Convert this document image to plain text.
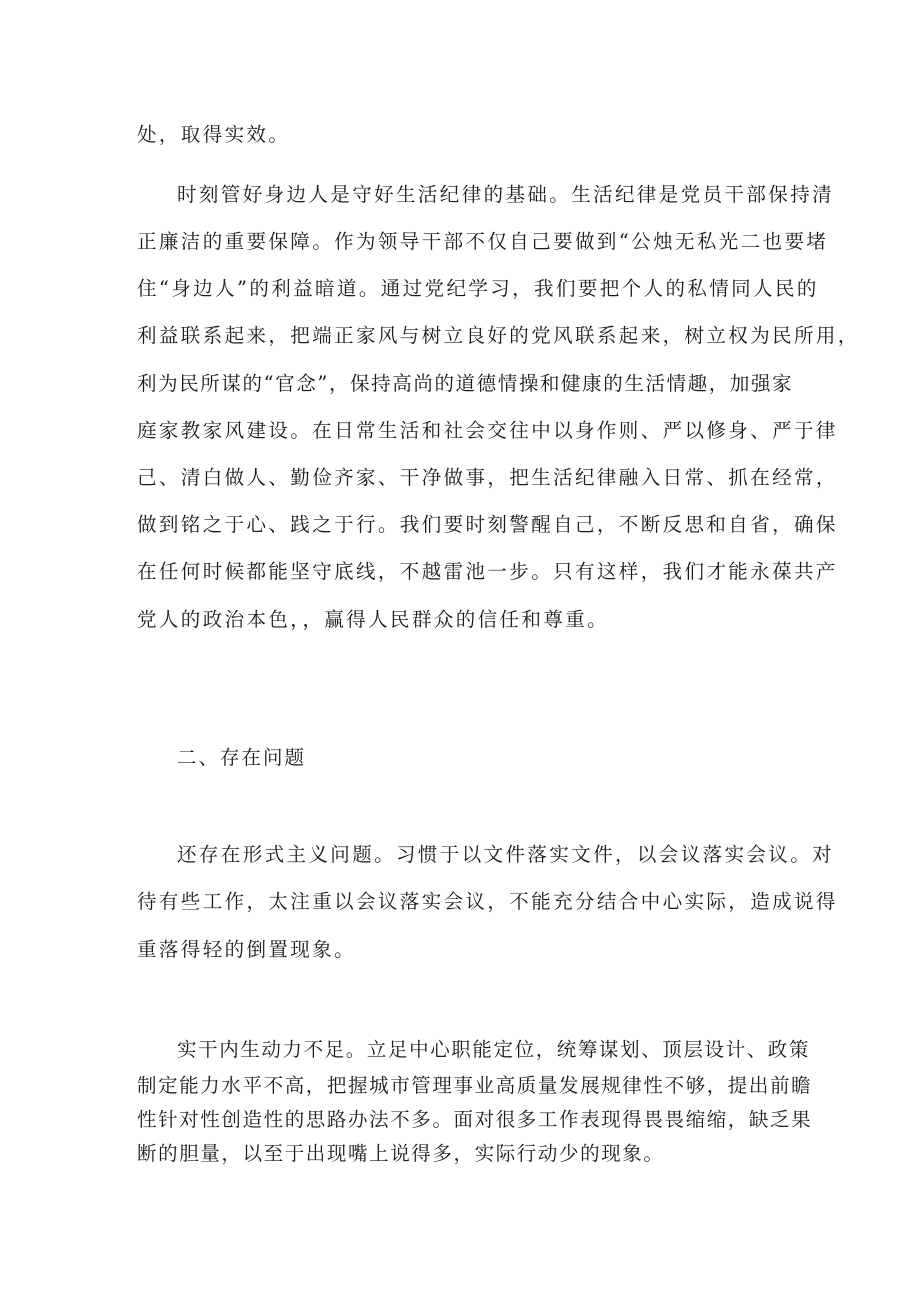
处，取得实效。
时刻管好身边人是守好生活纪律的基础。生活纪律是党员干部保持清
正廉洁的重要保障。作为领导干部不仅自己要做到“公烛无私光二也要堵
住“身边人”的利益暗道。通过党纪学习，我们要把个人的私情同人民的
利益联系起来，把端正家风与树立良好的党风联系起来，树立权为民所用，
利为民所谋的“官念”，保持高尚的道德情操和健康的生活情趣，加强家
庭家教家风建设。在日常生活和社会交往中以身作则、严以修身、严于律
己、清白做人、勤俭齐家、干净做事，把生活纪律融入日常、抓在经常，
做到铭之于心、践之于行。我们要时刻警醒自己，不断反思和自省，确保
在任何时候都能坚守底线，不越雷池一步。只有这样，我们才能永葆共产
党人的政治本色，，赢得人民群众的信任和尊重。
二、存在问题
还存在形式主义问题。习惯于以文件落实文件，以会议落实会议。对
待有些工作，太注重以会议落实会议，不能充分结合中心实际，造成说得
重落得轻的倒置现象。
实干内生动力不足。立足中心职能定位，统筹谋划、顶层设计、政策
制定能力水平不高，把握城市管理事业高质量发展规律性不够，提出前瞻
性针对性创造性的思路办法不多。面对很多工作表现得畏畏缩缩，缺乏果
断的胆量，以至于出现嘴上说得多，实际行动少的现象。
